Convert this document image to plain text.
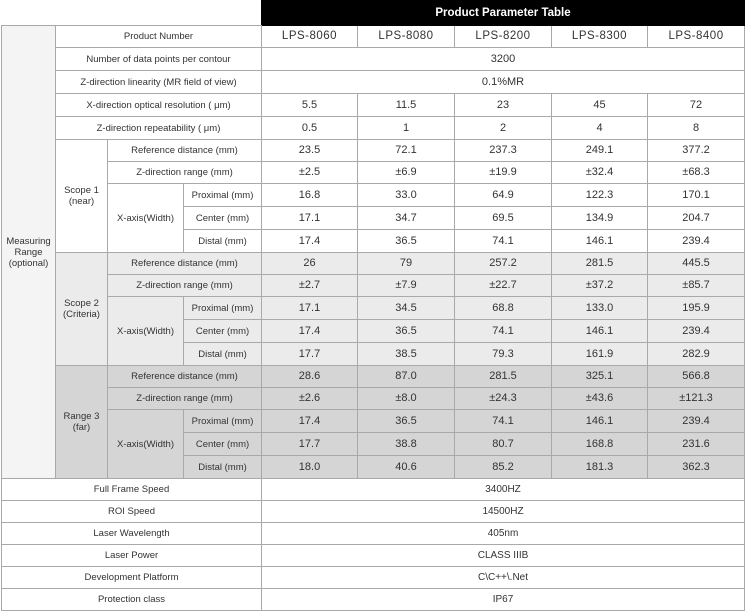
				Product Parameter Table				
Measuring Range (optional)	Product Number			LPS-8060	LPS-8080	LPS-8200	LPS-8300	LPS-8400
	Number of data points per contour			3200				
	Z-direction linearity (MR field of view)			0.1%MR				
	X-direction optical resolution ( μm)			5.5	11.5	23	45	72
	Z-direction repeatability ( μm)			0.5	1	2	4	8
	Scope 1 (near)	Reference distance (mm)		23.5	72.1	237.3	249.1	377.2
		Z-direction range (mm)		±2.5	±6.9	±19.9	±32.4	±68.3
		X-axis(Width)	Proximal (mm)	16.8	33.0	64.9	122.3	170.1
			Center (mm)	17.1	34.7	69.5	134.9	204.7
			Distal (mm)	17.4	36.5	74.1	146.1	239.4
	Scope 2 (Criteria)	Reference distance (mm)		26	79	257.2	281.5	445.5
		Z-direction range (mm)		±2.7	±7.9	±22.7	±37.2	±85.7
		X-axis(Width)	Proximal (mm)	17.1	34.5	68.8	133.0	195.9
			Center (mm)	17.4	36.5	74.1	146.1	239.4
			Distal (mm)	17.7	38.5	79.3	161.9	282.9
	Range 3 (far)	Reference distance (mm)		28.6	87.0	281.5	325.1	566.8
		Z-direction range (mm)		±2.6	±8.0	±24.3	±43.6	±121.3
		X-axis(Width)	Proximal (mm)	17.4	36.5	74.1	146.1	239.4
			Center (mm)	17.7	38.8	80.7	168.8	231.6
			Distal (mm)	18.0	40.6	85.2	181.3	362.3
Full Frame Speed				3400HZ				
ROI Speed				14500HZ				
Laser Wavelength				405nm				
Laser Power				CLASS IIIB				
Development Platform				C\C++\.Net				
Protection class				IP67				
